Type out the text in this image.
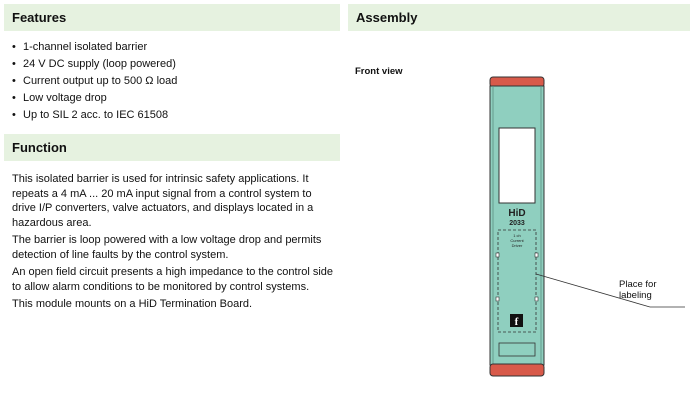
Features
• 1-channel isolated barrier
• 24 V DC supply (loop powered)
• Current output up to 500 Ω load
• Low voltage drop
• Up to SIL 2 acc. to IEC 61508
Function

This isolated barrier is used for intrinsic safety applications. It repeats a 4 mA ... 20 mA input signal from a control system to drive I/P converters, valve actuators, and displays located in a hazardous area.

The barrier is loop powered with a low voltage drop and permits detection of line faults by the control system.

An open field circuit presents a high impedance to the control side to allow alarm conditions to be monitored by control systems.

This module mounts on a HiD Termination Board.

Assembly
Front view
HiD
2033
1 ch
Current
Driver
f
Place for
labeling
